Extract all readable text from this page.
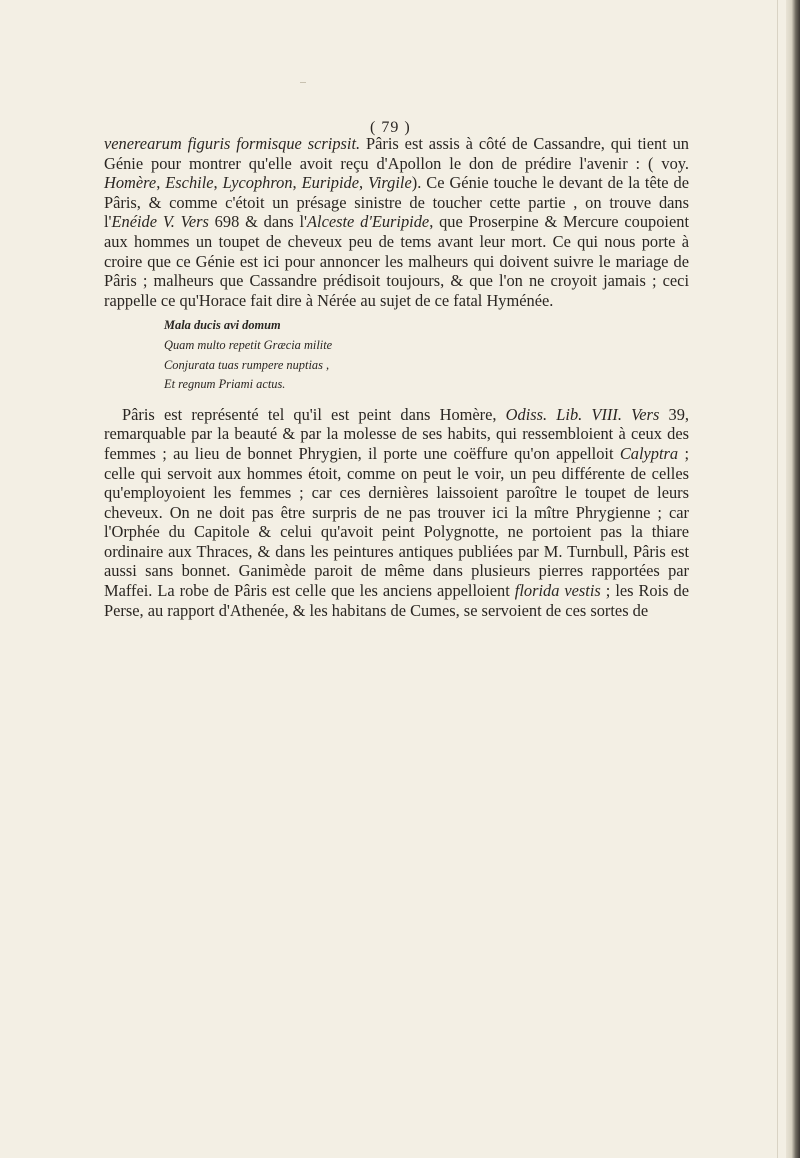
( 79 )

venerearum figuris formisque scripsit. Pâris est assis à côté de Cassandre, qui tient un Génie pour montrer qu'elle avoit reçu d'Apollon le don de prédire l'avenir : ( voy. Homère, Eschile, Lycophron, Euripide, Virgile). Ce Génie touche le devant de la tête de Pâris, & comme c'étoit un présage sinistre de toucher cette partie , on trouve dans l'Enéide V. Vers 698 & dans l'Alceste d'Euripide, que Proserpine & Mercure coupoient aux hommes un toupet de cheveux peu de tems avant leur mort. Ce qui nous porte à croire que ce Génie est ici pour annoncer les malheurs qui doivent suivre le mariage de Pâris ; malheurs que Cassandre prédisoit toujours, & que l'on ne croyoit jamais ; ceci rappelle ce qu'Horace fait dire à Nérée au sujet de ce fatal Hyménée.

Mala ducis avi domum
Quam multo repetit Græcia milite
Conjurata tuas rumpere nuptias ,
Et regnum Priami actus.

Pâris est représenté tel qu'il est peint dans Homère, Odiss. Lib. VIII. Vers 39, remarquable par la beauté & par la molesse de ses habits, qui ressembloient à ceux des femmes ; au lieu de bonnet Phrygien, il porte une coëffure qu'on appelloit Calyptra ; celle qui servoit aux hommes étoit, comme on peut le voir, un peu différente de celles qu'employoient les femmes ; car ces dernières laissoient paroître le toupet de leurs cheveux. On ne doit pas être surpris de ne pas trouver ici la mître Phrygienne ; car l'Orphée du Capitole & celui qu'avoit peint Polygnotte, ne portoient pas la thiare ordinaire aux Thraces, & dans les peintures antiques publiées par M. Turnbull, Pâris est aussi sans bonnet. Ganimède paroit de même dans plusieurs pierres rapportées par Maffei. La robe de Pâris est celle que les anciens appelloient florida vestis ; les Rois de Perse, au rapport d'Athenée, & les habitans de Cumes, se servoient de ces sortes de
